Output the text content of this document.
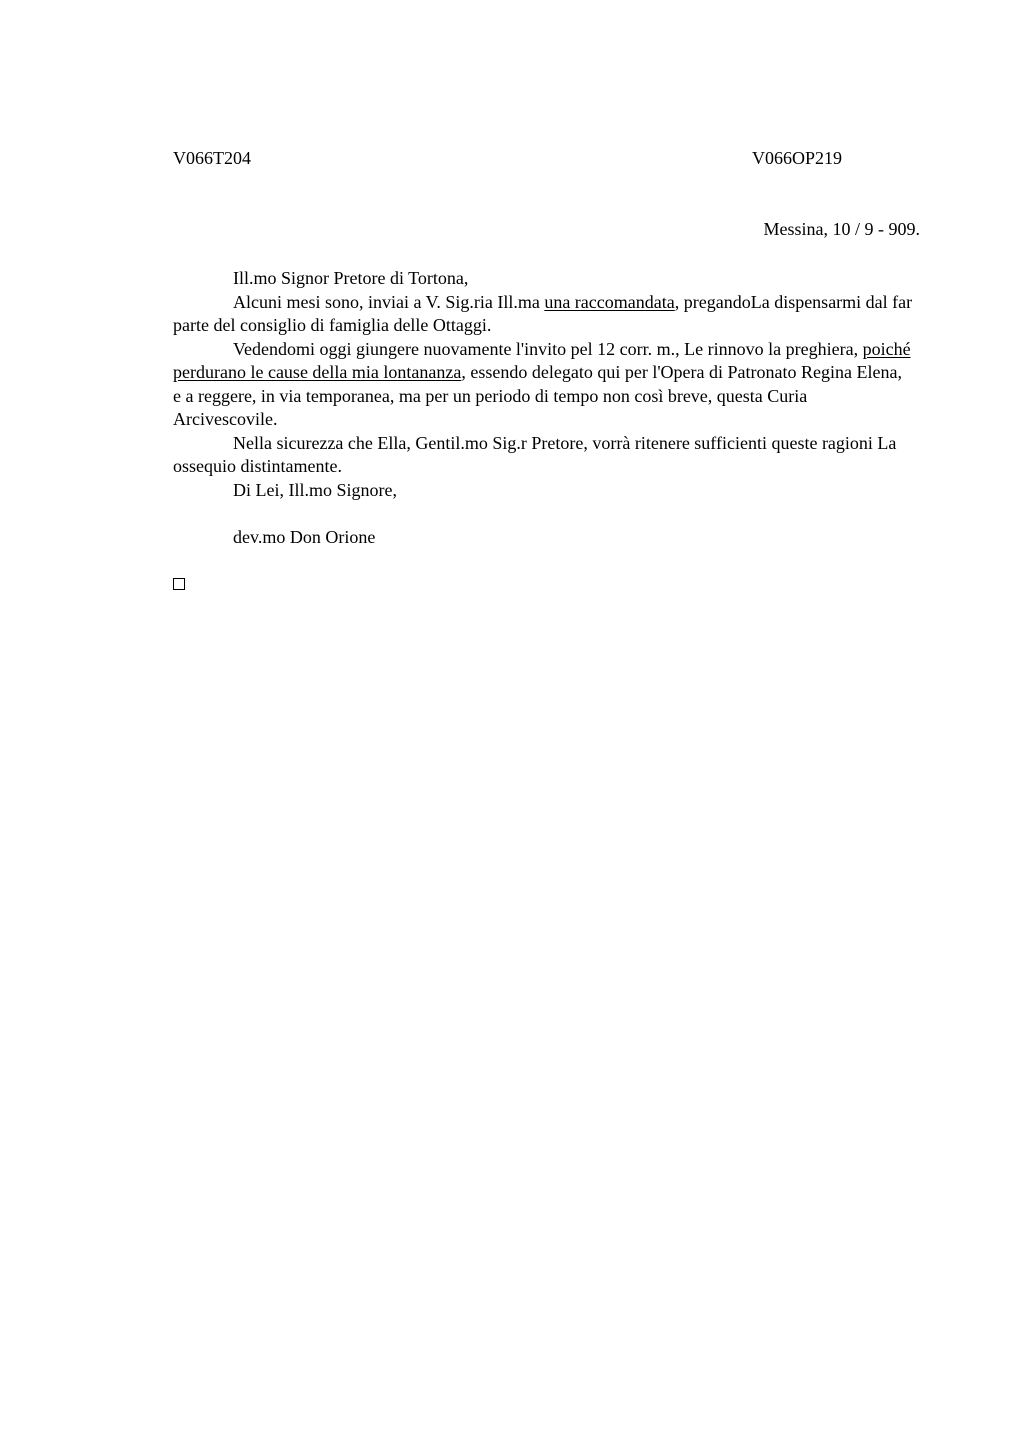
V066T204	V066OP219
Messina, 10 / 9 - 909.

Ill.mo Signor Pretore di Tortona,

Alcuni mesi sono, inviai a V. Sig.ria Ill.ma una raccomandata, pregandoLa dispensarmi dal far parte del consiglio di famiglia delle Ottaggi.

Vedendomi oggi giungere nuovamente l'invito pel 12 corr. m., Le rinnovo la preghiera, poiché perdurano le cause della mia lontananza, essendo delegato qui per l'Opera di Patronato Regina Elena, e a reggere, in via temporanea, ma per un periodo di tempo non così breve, questa Curia Arcivescovile.

Nella sicurezza che Ella, Gentil.mo Sig.r Pretore, vorrà ritenere sufficienti queste ragioni La ossequio distintamente.

Di Lei, Ill.mo Signore,

dev.mo Don Orione
